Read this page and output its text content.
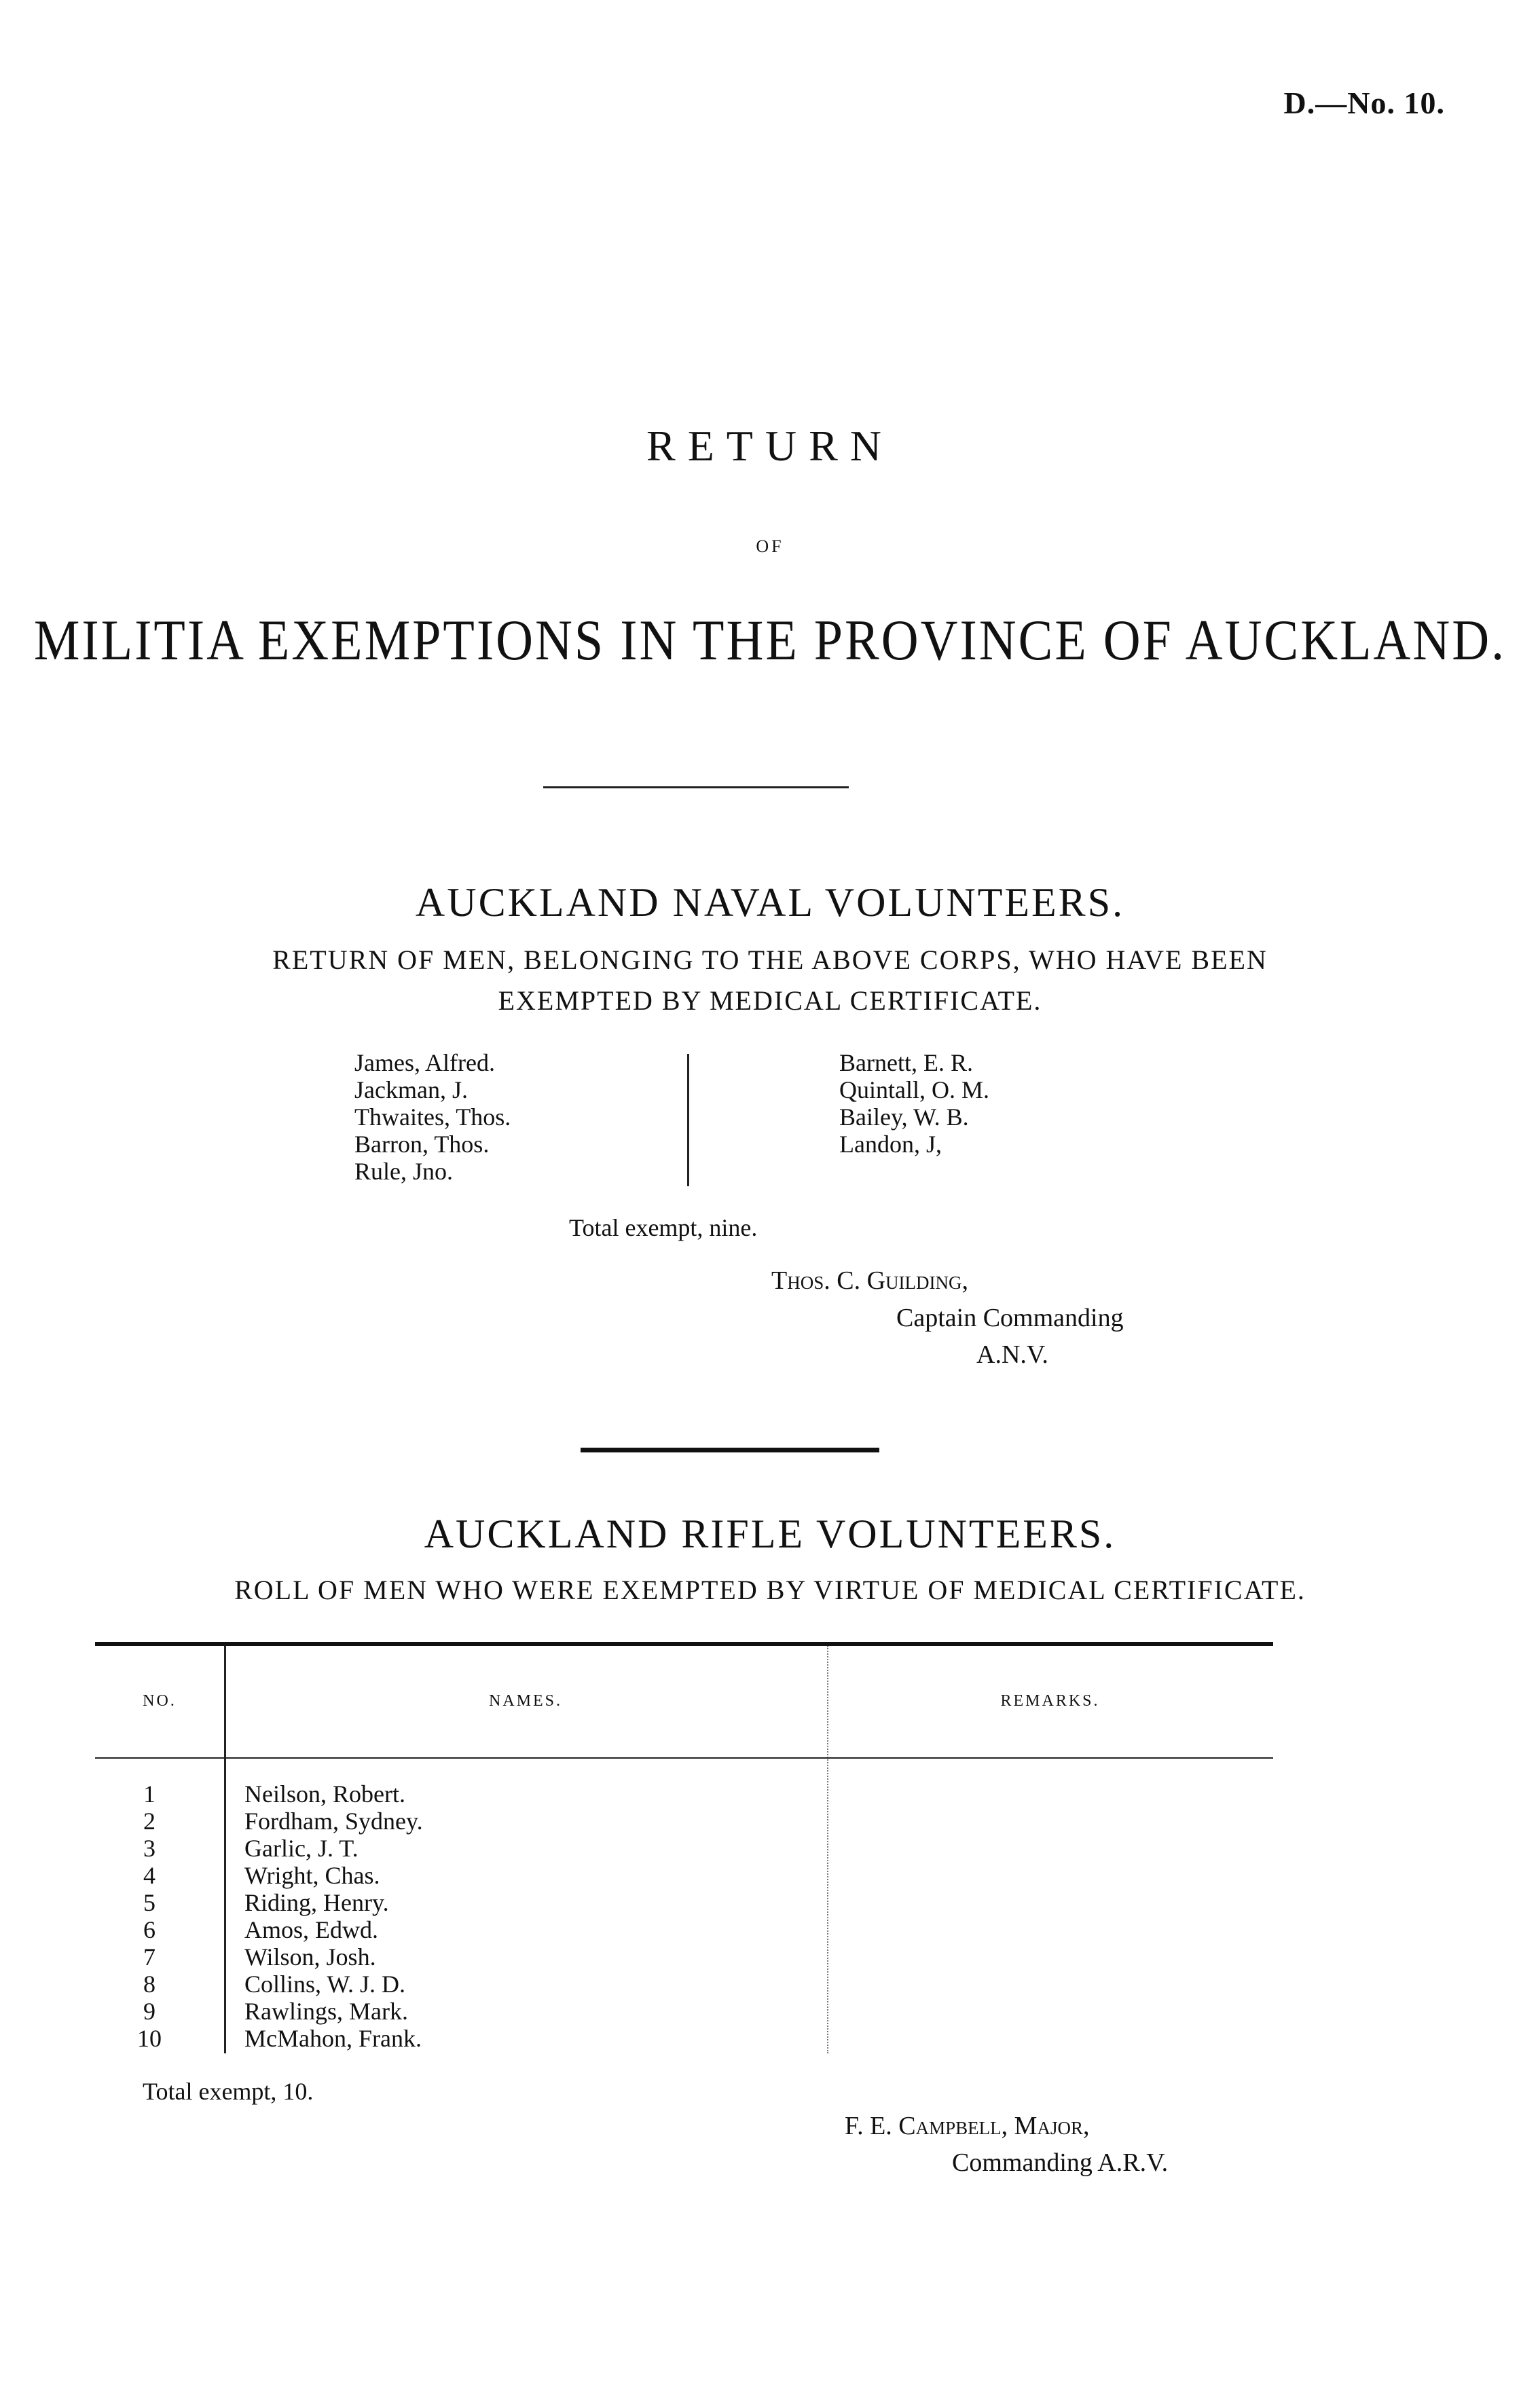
D.—No. 10.
RETURN
OF
MILITIA EXEMPTIONS IN THE PROVINCE OF AUCKLAND.
AUCKLAND NAVAL VOLUNTEERS.
RETURN OF MEN, BELONGING TO THE ABOVE CORPS, WHO HAVE BEEN
EXEMPTED BY MEDICAL CERTIFICATE.
James, Alfred.
Jackman, J.
Thwaites, Thos.
Barron, Thos.
Rule, Jno.
Barnett, E. R.
Quintall, O. M.
Bailey, W. B.
Landon, J,
Total exempt, nine.
Thos. C. Guilding,
Captain Commanding
A.N.V.
AUCKLAND RIFLE VOLUNTEERS.
ROLL OF MEN WHO WERE EXEMPTED BY VIRTUE OF MEDICAL CERTIFICATE.
NO.	NAMES.	REMARKS.
1	Neilson, Robert.
2	Fordham, Sydney.
3	Garlic, J. T.
4	Wright, Chas.
5	Riding, Henry.
6	Amos, Edwd.
7	Wilson, Josh.
8	Collins, W. J. D.
9	Rawlings, Mark.
10	McMahon, Frank.
Total exempt, 10.
F. E. Campbell, Major,
Commanding A.R.V.
